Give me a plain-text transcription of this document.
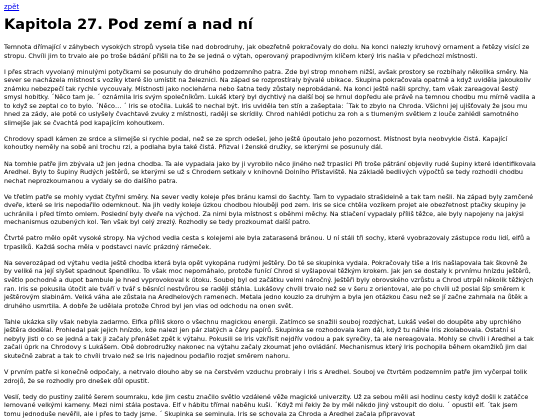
zpět
Kapitola 27. Pod zemí a nad ní

Temnota dřímající v záhybech vysokých stropů vysela tiše nad dobrodruhy, jak obezřetně pokračovaly do dolu. Na konci nalezly kruhový ornament a řetězy visící ze stropu. Chvíli jim to trvalo ale po troše bádání přišli na to že se jedná o výtah, operovaný prapodivným klíčem který Iris našla v předchozí místnosti.

I přes strach vyvolaný minulými potyčkami se posunuly do druhého podzemního patra. Zde byl strop mnohem nižší, avšak prostory se rozbíhaly několika směry. Na sever se nacházela místnost s vozíky které šlo umístit na železnici. Na západ se rozprostíraly bývalé ubikace. Skupina pokračovala opatrně a když uviděla jakoukoliv známku nebezpečí tak rychle vycouvaly. Místnosti jako noclehárna nebo šatna tedy zůstaly neprobádané. Na konci ještě našli sprchy, tam však zareagoval šestý smysl hobitky. ´Něco tam je. ´ oznámila Iris svým společníkům. Lukáš který byl dychtivý na další boj se hrnul dopředu ale právě na temnou chodbu mu mírně vadila a to když se zeptal co to bylo. ´Něco… ´ Iris se otočila. Lukáš to nechal být. Iris uviděla ten stín a zašeptala: ´Tak to zbylo na Chroda. Všichni jej ujišťovaly že jsou mu hned za zády, ale poté co uslyšely čvachtavé zvuky z místnosti, raději se skrídily. Chrod nahlédl potichu za roh a s tlumeným světlem z louče zahlédl samotného slimejše jak se čvachtá pod kapajícím kohoutkem.

Chrodovy spadl kámen ze srdce a slimejše si rychle podal, než se ze sprch odešel, jeho ještě úpoutalo jeho pozornost. Místnost byla neobvykle čistá. Kapající kohoutky neměly na sobě ani trochu rzi, a podlaha byla také čistá. Přizval i ženské družky, se kterými se posunuly dál.

Na tomhle patře jim zbývala už jen jedna chodba. Ta ale vypadala jako by ji vyrobilo něco jiného než trpaslíci Při troše pátrání objevily rudé šupiny které identifikovala Aredhel. Byly to šupiny Rudých ještěrů, se kterými se už s Chrodem setkaly v knihovně Dolního Přístaviště. Na základě bedlivých výpočtů se tedy rozhodli chodbu nechat neprozkoumanou a vydaly se do dalšího patra.

Ve třetím patře se mohly vydat čtyřmi směry. Na sever vedly koleje přes bránu kamsi do šachty. Tam to vypadalo strašidelně a tak tam nešli. Na západ byly zamčené dveře, které se Iris nepodařilo odemknout. Na jih vedly koleje úzkou chodbou hlouběji pod zem. Iris se sice chtěla vozíkem projet ale obezřetnost ptačky skupiny je uchránila i před tímto omlem. Poslední byly dveře na východ. Za nimi byla místnost s oběhmi měchy. Na stlačení vypadaly příliš těžce, ale byly napojeny na jakýsi mechanismus ozubených kol. Ten však byl celý zrezlý. Rozhodly se tedy prozkoumat další patro.

Čtvrté patro mělo opět vysoké stropy. Na východ vedla cesta s kolejemi ale byla zatarasená bránou. U ní stáli tři sochy, které vyobrazovaly zástupce rodu lidí, elfů a trpaslíků. Každá socha měla v podstavci navíc prázdný rámeček.

Na severozápad od výtahu vedla ještě chodba která byla opět vykopána rudými ještěry. Do té se skupinka vydala. Pokračovaly tiše a Iris našlapovala tak škovně že by veliké na její slyšet spadnout špendlíku. To však moc nepomáhalo, protože funící Chrod si vyšlapoval těžkým krokem. Jak jen se dostaly k prvnímu hnízdu ještěrů, světlo pochodně a dupot bambule je hned vyprovokoval k útoku. Souboj byl od začátku velmi náročný. Ještěři byly obrovského vzrůstu a Chrod utrpěl několik těžkých ran. Iris se pokusila útočit ale tváří v tvář s běsnící nestvůrou se raději stáhla. Lukášovy chvíli trvalo než se v šeru z orientoval, ale po chvíli už poslal šíp směrem k ještěrovým slabinám. Velká váha ale zůstala na Aredhelových ramenech. Metala jedno kouzlo za druhým a byla jen otázkou času než se jí začne zahmala na ůtěk a druhého usmrtila. A dobře že udělala protože Chrod byl jen vlas od odchodu na onen svět.

Tahle ukázka síly však nebyla zadarmo. Elfka příliš skoro o všechnu magickou energii. Zatímco se snažili souboj rozdýchat, Lukáš vešel do doupěte aby uprchlého ještěra dodělal. Prohledal pak jejich hnízdo, kde nalezl jen pár zlatých a čáry papírů. Skupinka se rozhodovala kam dál, když tu náhle Iris zkolabovala. Ostatní si nebyly jisti o co se jedná a tak ji začaly přenášet zpět k výtahu. Pokusili se Iris vzkřísit nejdřív vodou a pak syrečky, ta ale nereagovala. Mohly se chvíli i Aredhel a tak začali úprk na Chrodovy s Lukášem. Obě dobrodružky nakonec na výtahu začaly zkoumat jeho ovládání. Mechanismus který Iris pochopila během okamžiků jim dal skutečně zabrat a tak to chvíli trvalo než se Iris najednou podařilo rozjet směrem nahoru.

V prvním patře si konečně odpočaly, a netrvalo dlouho aby se na čerstvém vzduchu probraly i Iris s Aredhel. Souboj ve čtvrtém podzemním patře jim vyčerpal tolik zdrojů, že se rozhodly pro dnešek důl opustit.

Veslí, tedy do pustiny zalité šerem soumraku, kde jim cestu značilo světlo vzdálené věže magické univerzity. Už za sebou měli asi hodinu cesty když došli k zatáčce lemované velkými kameny. Mezi nimi stála postava. Elf v hábitu třímal naběhu kuši. ´Když mi řekly že by měl někdo jiný vstoupit do dolu. ´ opustil elf. ´tak jsem tomu jednoduše nevěřil, ale i přes to tady jsme. ´ Skupinka se seminula. Iris se schovala za Chroda a Aredhel začala připravovat
